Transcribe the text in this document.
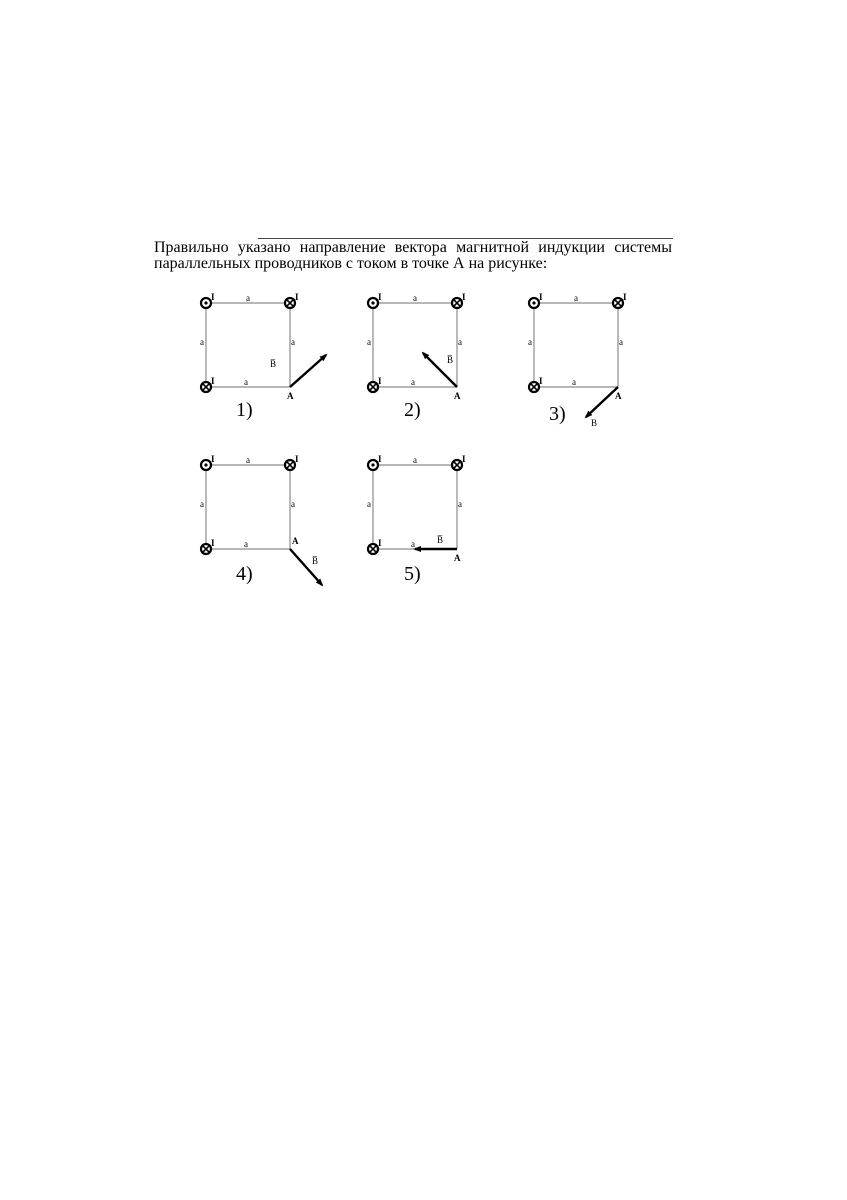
Правильно указано направление вектора магнитной индукции системы
параллельных проводников с током в точке А на рисунке:

a
a	a
a
I	I
I
A
B̅
1)
a
a	a
a
I	I
I
A
B̅
2)
a
a	a
a
I	I
I
A
B
3)
a
a	a
a
I	I
I	A
B̅
4)
a
a	a
a
I	I
I
A
B̅
5)
